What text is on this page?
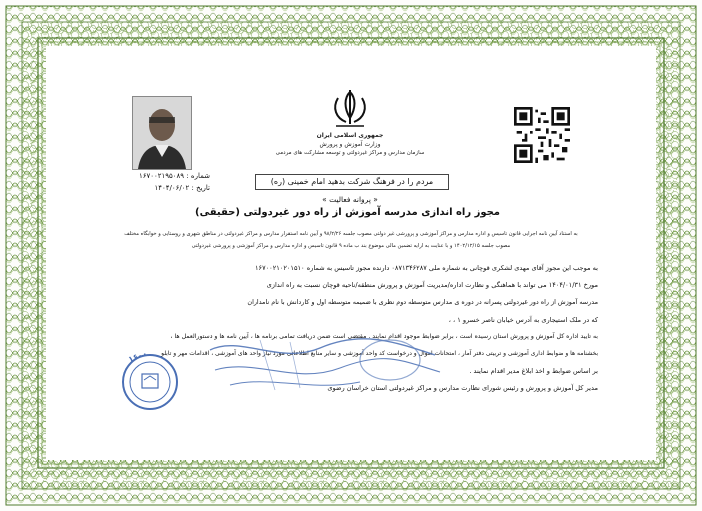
جمهوری اسلامی ایران
وزارت آموزش و پرورش
سازمان مدارس و مراکز غیردولتی و توسعه مشارکت های مردمی
شماره : ۱۶۷۰۰۲۱۹۵۰۸۹
تاریخ : ۱۴۰۴/۰۶/۰۲
مردم را در فرهنگ شرکت بدهید امام خمینی (ره)
« پروانه فعالیت »
مجوز راه اندازی مدرسه آموزش از راه دور غیردولتی (حقیقی)
به استناد آیین نامه اجرایی قانون تاسیس و اداره مدارس و مراکز آموزشی و پرورشی غیر دولتی مصوب جلسه ۹۸/۲/۲۶ و آیین نامه استقرار مدارس و مراکز غیردولتی در مناطق شهری و روستایی و خوابگاه مختلف
مصوب جلسه ۱۴۰۲/۱۲/۱۵ و با عنایت به ارایه تضمین مالی موضوع بند ب ماده ۹ قانون تاسیس و اداره مدارس و مراکز آموزشی و پرورشی غیردولتی
به موجب این مجوز آقای مهدی لشکری قوچانی به شماره ملی ۰۸۷۱۳۴۶۲۸۷ دارنده مجوز تاسیس به شماره ۱۶۷۰۰۲۱۰۲۰۱۵۱۰
مورخ ۱۴۰۴/۰۱/۳۱ می تواند با هماهنگی و نظارت اداره/مدیریت آموزش و پرورش منطقه/ناحیه قوچان نسبت به راه اندازی
مدرسه آموزش از راه دور غیردولتی پسرانه در دوره ی مدارس متوسطه دوم نظری با ضمیمه متوسطه اول و کاردانش با نام نامداران
که در ملک استیجاری به آدرس خیابان ناصر خسرو ۱ ، ،
به تایید اداره کل آموزش و پرورش استان رسیده است ، برابر ضوابط موجود اقدام نمایند . مقتضی است ضمن دریافت تمامی برنامه ها ، آیین نامه ها و دستورالعمل ها ،
بخشنامه ها و ضوابط اداری آموزشی و تربیتی دفتر آمار ، امتحانات اموال و درخواست کد واحد آموزشی و سایر منابع اطلاعاتی مورد نیاز واحد های آموزشی ، اقدامات مهر و تابلو
بر اساس ضوابط و اخذ ابلاغ مدیر اقدام نمایند .
مدیر کل آموزش و پرورش و رئیس شورای نظارت مدارس و مراکز غیردولتی استان خراسان رضوی
۱۶۰۰
